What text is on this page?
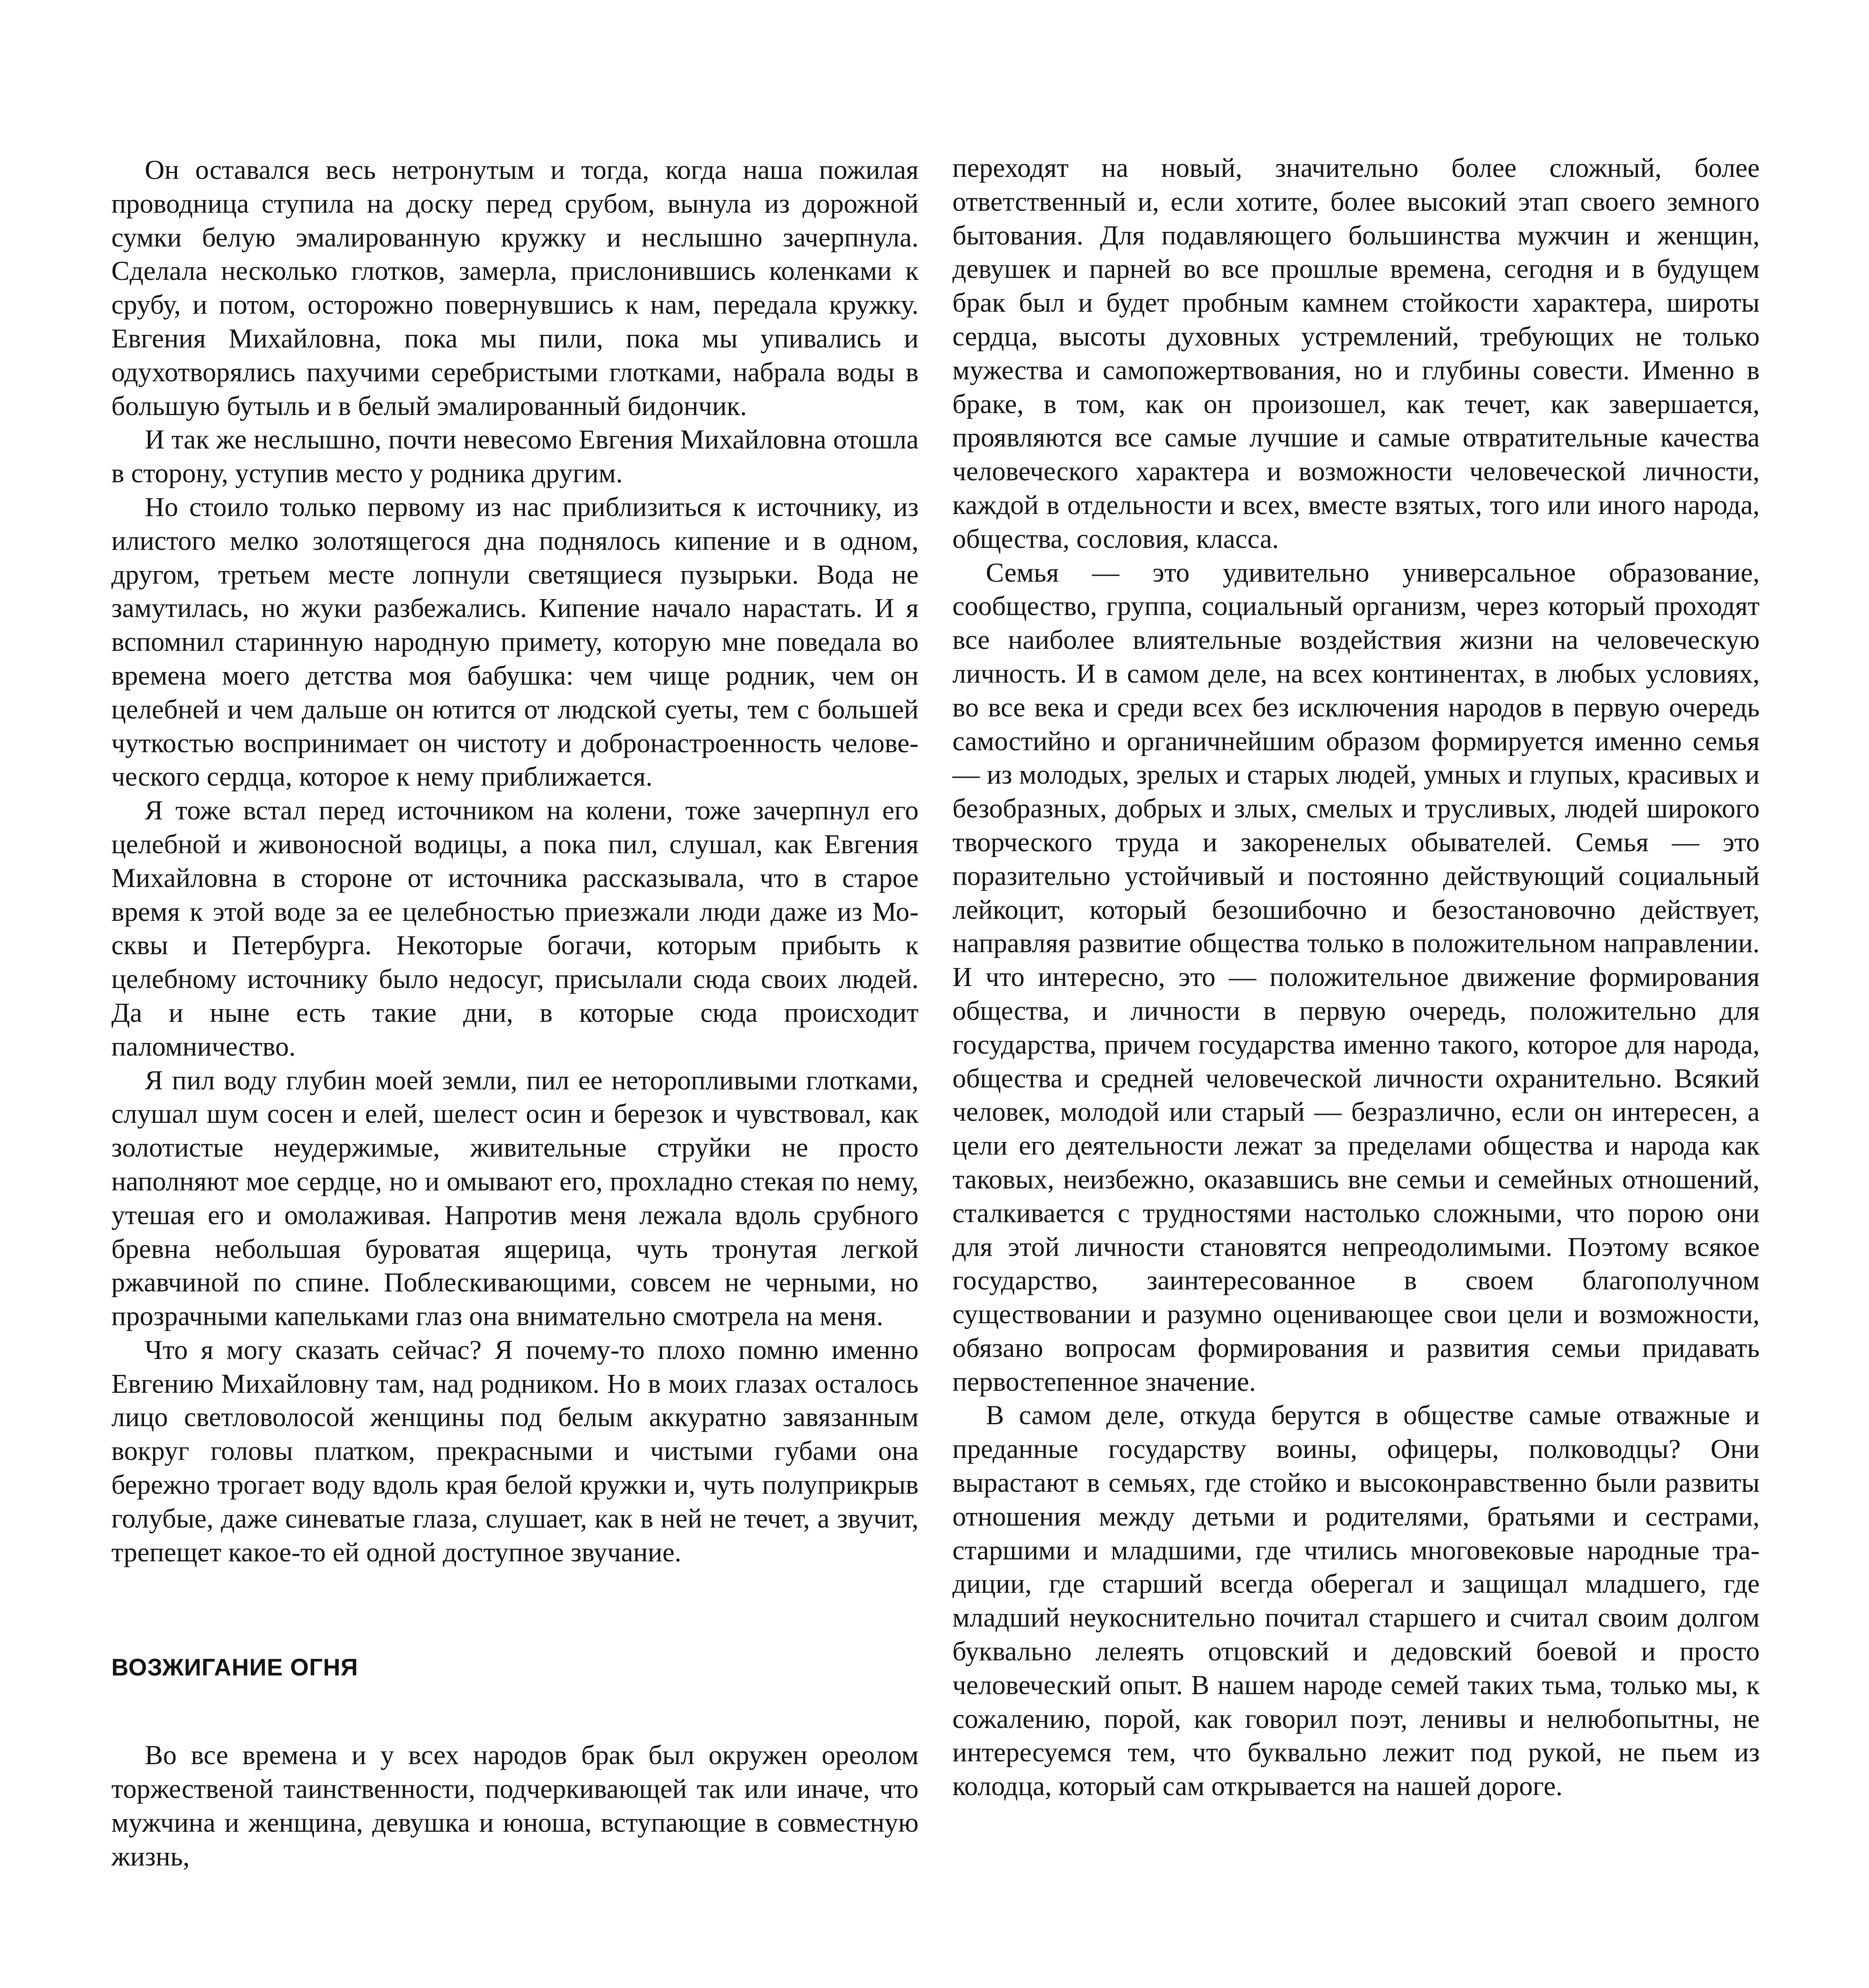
Он оставался весь нетронутым и тогда, когда наша пожилая проводница ступила на доску перед срубом, вынула из дорожной сумки белую эмалированную кружку и неслышно зачерпнула. Сделала несколько глотков, замерла, прислонившись коленками к срубу, и потом, осторожно повернувшись к нам, передала кружку. Евгения Михайловна, пока мы пили, пока мы упивались и одухотворялись пахучими серебристыми глотками, набрала воды в большую бутыль и в белый эмалированный бидончик.

И так же неслышно, почти невесомо Евгения Михайловна отошла в сторону, уступив место у родника другим.

Но стоило только первому из нас приблизиться к источнику, из илистого мелко золотящегося дна поднялось кипение и в одном, другом, третьем месте лопнули светящиеся пузырьки. Вода не замутилась, но жуки разбежались. Кипение начало нарастать. И я вспомнил старинную народную примету, которую мне поведала во времена моего детства моя бабушка: чем чище родник, чем он целебней и чем дальше он ютится от людской суеты, тем с большей чуткостью воспринимает он чистоту и добронастроенность человеческого сердца, которое к нему приближается.

Я тоже встал перед источником на колени, тоже зачерпнул его целебной и живоносной водицы, а пока пил, слушал, как Евгения Михайловна в стороне от источника рассказывала, что в старое время к этой воде за ее целебностью приезжали люди даже из Москвы и Петербурга. Некоторые богачи, которым прибыть к целебному источнику было недосуг, присылали сюда своих людей. Да и ныне есть такие дни, в которые сюда происходит паломничество.

Я пил воду глубин моей земли, пил ее неторопливыми глотками, слушал шум сосен и елей, шелест осин и березок и чувствовал, как золотистые неудержимые, живительные струйки не просто наполняют мое сердце, но и омывают его, прохладно стекая по нему, утешая его и омолаживая. Напротив меня лежала вдоль срубного бревна небольшая буроватая ящерица, чуть тронутая легкой ржавчиной по спине. Поблескивающими, совсем не черными, но прозрачными капельками глаз она внимательно смотрела на меня.

Что я могу сказать сейчас? Я почему-то плохо помню именно Евгению Михайловну там, над родником. Но в моих глазах осталось лицо светловолосой женщины под белым аккуратно завязанным вокруг головы платком, прекрасными и чистыми губами она бережно трогает воду вдоль края белой кружки и, чуть полуприкрыв голубые, даже синеватые глаза, слушает, как в ней не течет, а звучит, трепещет какое-то ей одной доступное звучание.

ВОЗЖИГАНИЕ ОГНЯ

Во все времена и у всех народов брак был окружен ореолом торжественой таинственности, подчеркивающей так или иначе, что мужчина и женщина, девушка и юноша, вступающие в совместную жизнь,

переходят на новый, значительно более сложный, более ответственный и, если хотите, более высокий этап своего земного бытования. Для подавляющего большинства мужчин и женщин, девушек и парней во все прошлые времена, сегодня и в будущем брак был и будет пробным камнем стойкости характера, широты сердца, высоты духовных устремлений, требующих не только мужества и самопожертвования, но и глубины совести. Именно в браке, в том, как он произошел, как течет, как завершается, проявляются все самые лучшие и самые отвратительные качества человеческого характера и возможности человеческой личности, каждой в отдельности и всех, вместе взятых, того или иного народа, общества, сословия, класса.

Семья — это удивительно универсальное образование, сообщество, группа, социальный организм, через который проходят все наиболее влиятельные воздействия жизни на человеческую личность. И в самом деле, на всех континентах, в любых условиях, во все века и среди всех без исключения народов в первую очередь самостийно и органичнейшим образом формируется именно семья — из молодых, зрелых и старых людей, умных и глупых, красивых и безобразных, добрых и злых, смелых и трусливых, людей широкого творческого труда и закоренелых обывателей. Семья — это поразительно устойчивый и постоянно действующий социальный лейкоцит, который безошибочно и безостановочно действует, направляя развитие общества только в положительном направлении. И что интересно, это — положительное движение формирования общества, и личности в первую очередь, положительно для государства, причем государства именно такого, которое для народа, общества и средней человеческой личности охранительно. Всякий человек, молодой или старый — безразлично, если он интересен, а цели его деятельности лежат за пределами общества и народа как таковых, неизбежно, оказавшись вне семьи и семейных отношений, сталкивается с трудностями настолько сложными, что порою они для этой личности становятся непреодолимыми. Поэтому всякое государство, заинтересованное в своем благополучном существовании и разумно оценивающее свои цели и возможности, обязано вопросам формирования и развития семьи придавать первостепенное значение.

В самом деле, откуда берутся в обществе самые отважные и преданные государству воины, офицеры, полководцы? Они вырастают в семьях, где стойко и высоконравственно были развиты отношения между детьми и родителями, братьями и сестрами, старшими и младшими, где чтились многовековые народные традиции, где старший всегда оберегал и защищал младшего, где младший неукоснительно почитал старшего и считал своим долгом буквально лелеять отцовский и дедовский боевой и просто человеческий опыт. В нашем народе семей таких тьма, только мы, к сожалению, порой, как говорил поэт, ленивы и нелюбопытны, не интересуемся тем, что буквально лежит под рукой, не пьем из колодца, который сам открывается на нашей дороге.
